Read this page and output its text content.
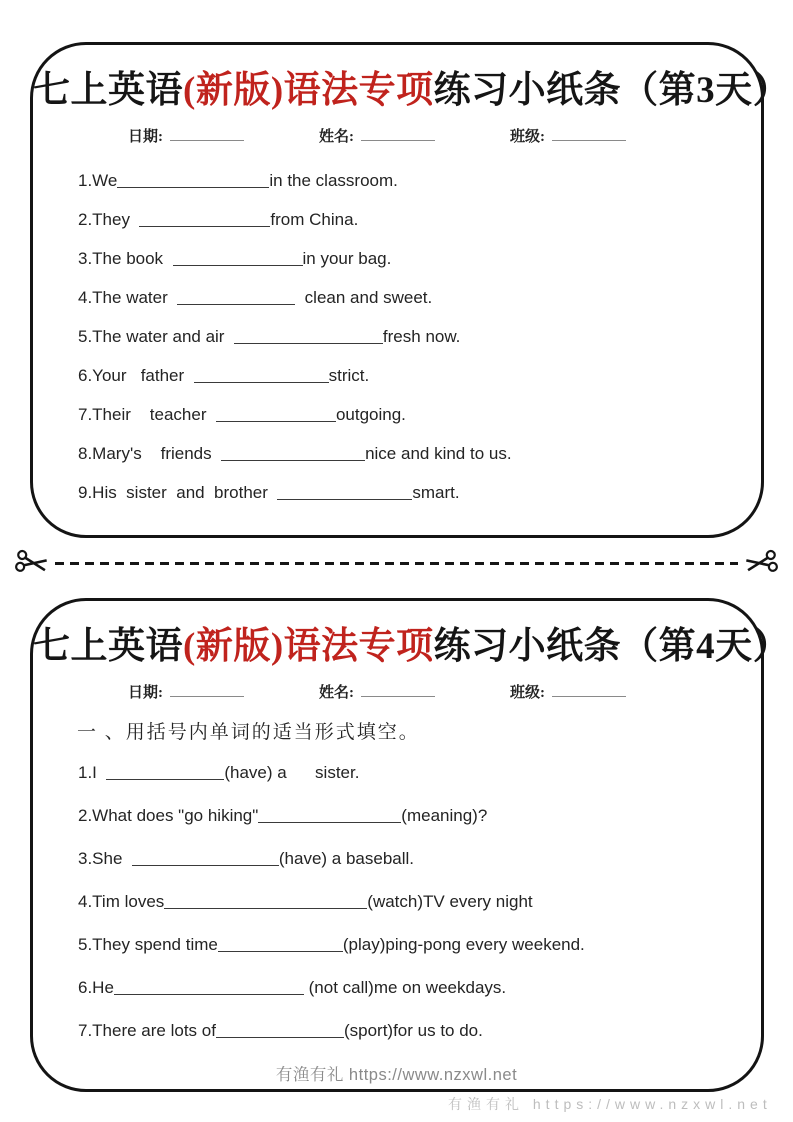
七上英语(新版)语法专项练习小纸条（第3天）
日期:	姓名:	班级:
1.We	in the classroom.
2.They	from China.
3.The book	in your bag.
4.The water	clean and sweet.
5.The water and air	fresh now.
6.Your   father	strict.
7.Their    teacher	outgoing.
8.Mary's    friends	nice and kind to us.
9.His  sister  and  brother	smart.
七上英语(新版)语法专项练习小纸条（第4天）
日期:	姓名:	班级:
一 、用括号内单词的适当形式填空。
1.I	(have) a      sister.
2.What does "go hiking"	(meaning)?
3.She	(have) a baseball.
4.Tim loves	(watch)TV every night
5.They spend time	(play)ping-pong every weekend.
6.He	(not call)me on weekdays.
7.There are lots of	(sport)for us to do.
有渔有礼 https://www.nzxwl.net
有渔有礼 https://www.nzxwl.net
